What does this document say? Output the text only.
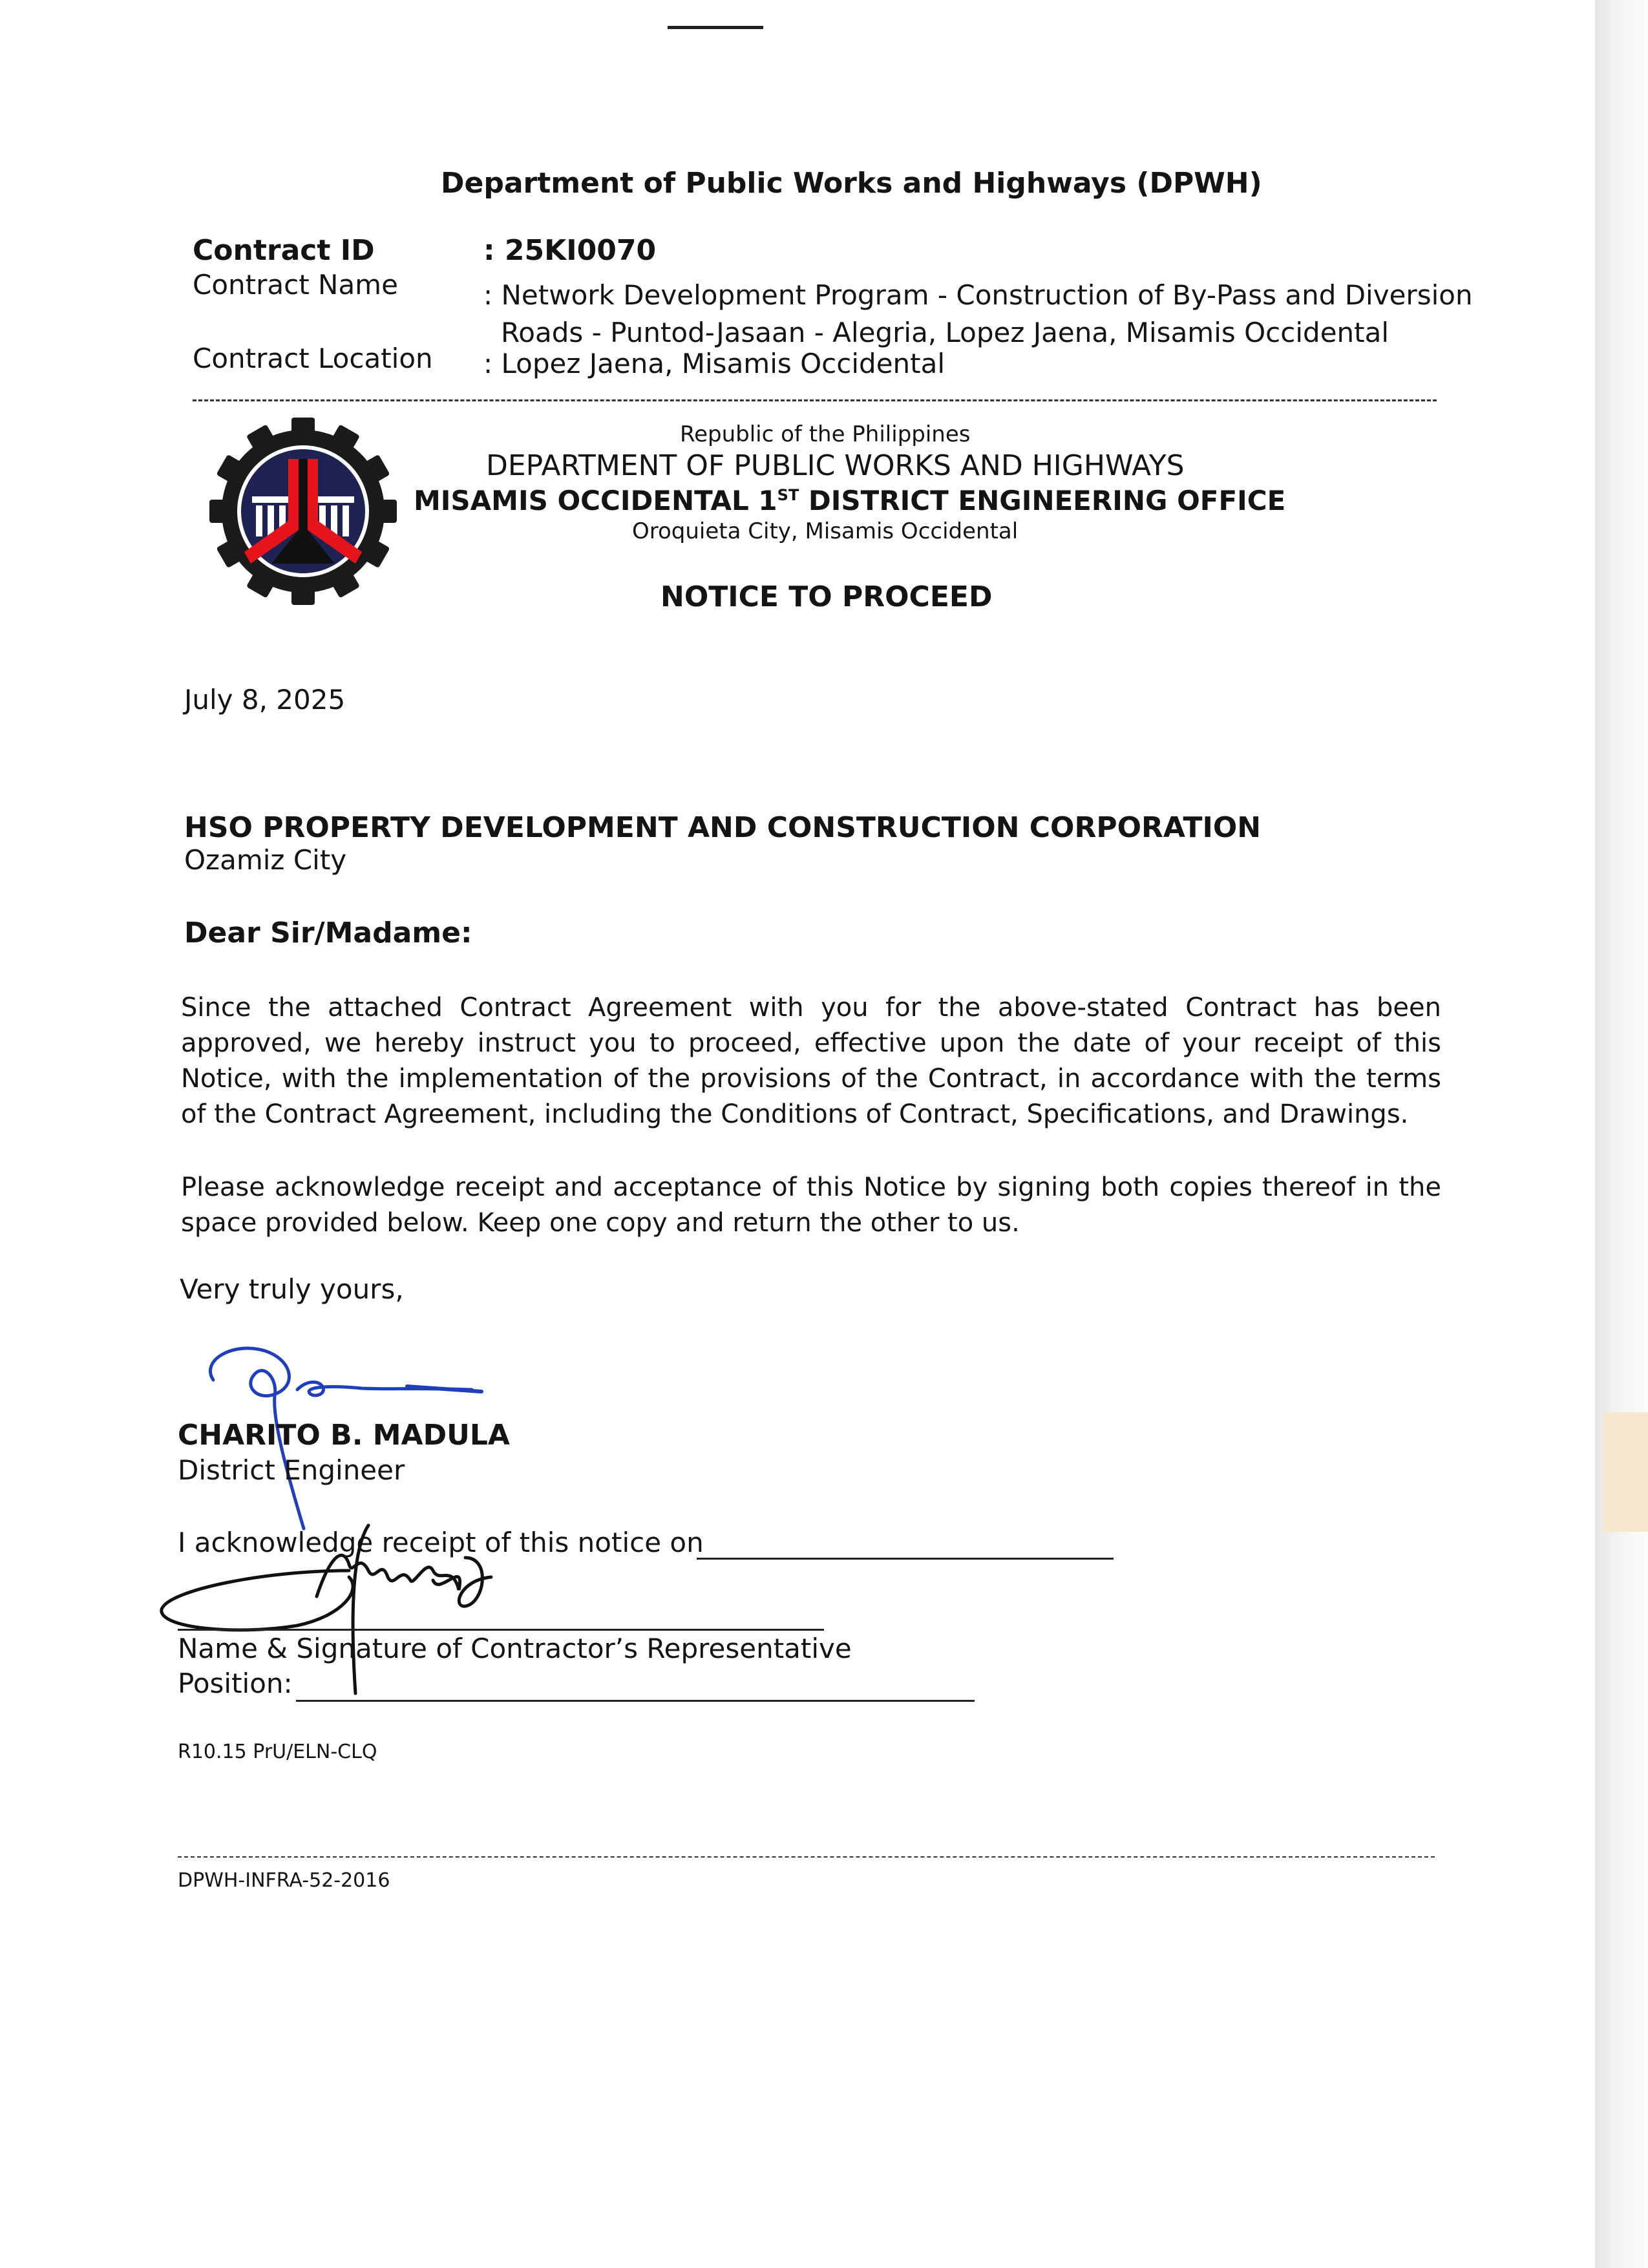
Department of Public Works and Highways (DPWH)
Contract ID	: 25KI0070
Contract Name	: Network Development Program - Construction of By-Pass and Diversion
Roads - Puntod-Jasaan - Alegria, Lopez Jaena, Misamis Occidental
Contract Location : Lopez Jaena, Misamis Occidental
Republic of the Philippines
DEPARTMENT OF PUBLIC WORKS AND HIGHWAYS
MISAMIS OCCIDENTAL 1ST DISTRICT ENGINEERING OFFICE
Oroquieta City, Misamis Occidental
NOTICE TO PROCEED
July 8, 2025
HSO PROPERTY DEVELOPMENT AND CONSTRUCTION CORPORATION
Ozamiz City
Dear Sir/Madame:
Since the attached Contract Agreement with you for the above-stated Contract has been approved, we hereby instruct you to proceed, effective upon the date of your receipt of this Notice, with the implementation of the provisions of the Contract, in accordance with the terms of the Contract Agreement, including the Conditions of Contract, Specifications, and Drawings.
Please acknowledge receipt and acceptance of this Notice by signing both copies thereof in the space provided below. Keep one copy and return the other to us.
Very truly yours,
CHARITO B. MADULA
District Engineer
I acknowledge receipt of this notice on
Name & Signature of Contractor’s Representative
Position:
R10.15 PrU/ELN-CLQ
DPWH-INFRA-52-2016
